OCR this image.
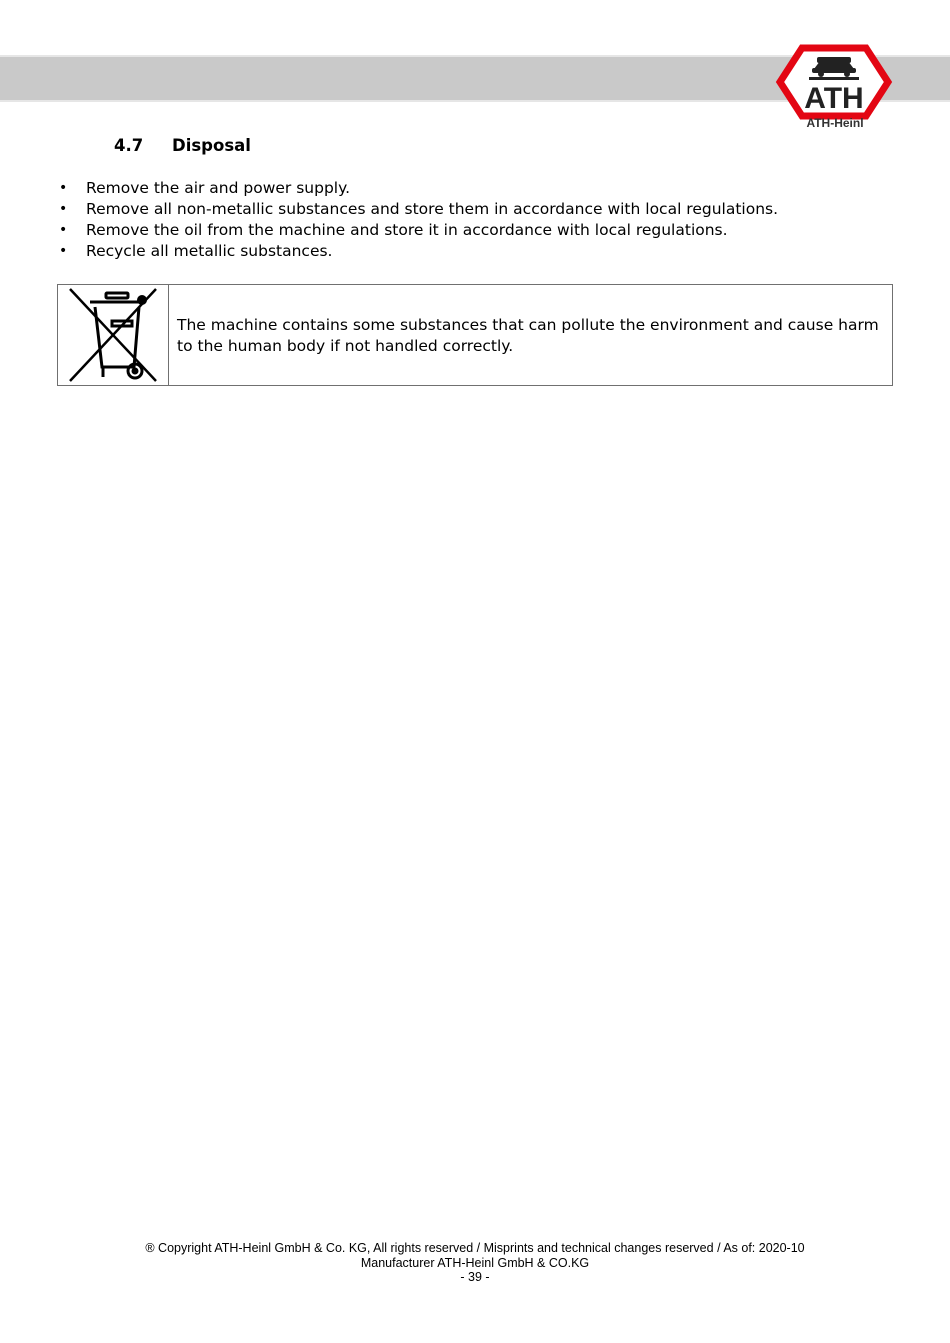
ATH
ATH-Heinl
4.7 Disposal
• Remove the air and power supply.
• Remove all non-metallic substances and store them in accordance with local regulations.
• Remove the oil from the machine and store it in accordance with local regulations.
• Recycle all metallic substances.
The machine contains some substances that can pollute the environment and cause harm to the human body if not handled correctly.
® Copyright ATH-Heinl GmbH & Co. KG, All rights reserved / Misprints and technical changes reserved / As of: 2020-10
Manufacturer ATH-Heinl GmbH & CO.KG
- 39 -
